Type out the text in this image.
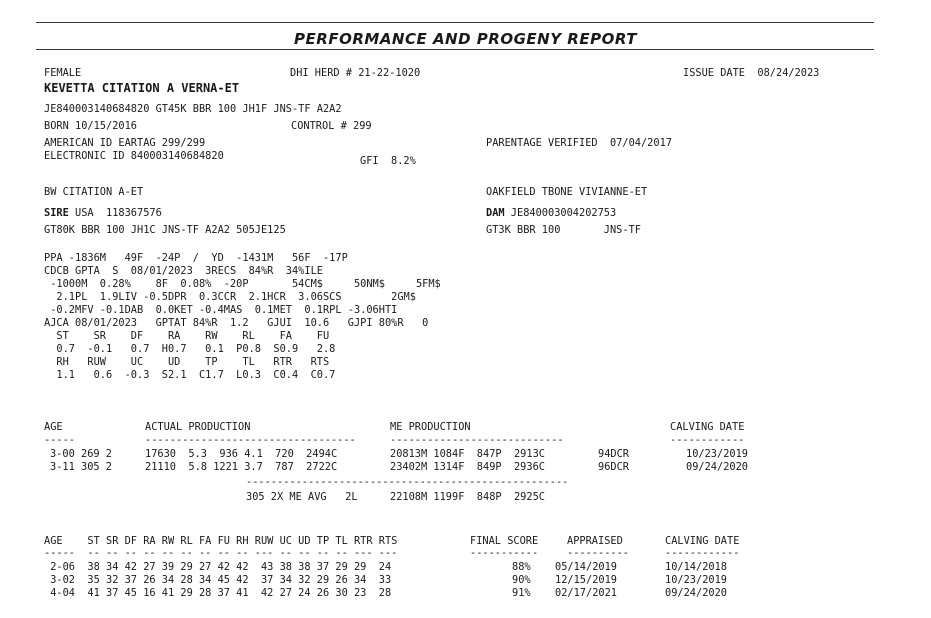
PERFORMANCE AND PROGENY REPORT
FEMALE	DHI HERD # 21-22-1020	ISSUE DATE  08/24/2023
KEVETTA CITATION A VERNA-ET
JE840003140684820 GT45K BBR 100 JH1F JNS-TF A2A2
BORN 10/15/2016	CONTROL # 299
AMERICAN ID EARTAG 299/299	PARENTAGE VERIFIED  07/04/2017
ELECTRONIC ID 840003140684820	GFI  8.2%
BW CITATION A-ET	OAKFIELD TBONE VIVIANNE-ET
SIRE USA  118367576	DAM JE840003004202753
GT80K BBR 100 JH1C JNS-TF A2A2 505JE125	GT3K BBR 100       JNS-TF
PPA -1836M   49F  -24P  /  YD  -1431M   56F  -17P
CDCB GPTA  S  08/01/2023  3RECS  84%R  34%ILE
-1000M  0.28%    8F  0.08%  -20P       54CM$     50NM$     5FM$
2.1PL  1.9LIV -0.5DPR  0.3CCR  2.1HCR  3.06SCS        2GM$
-0.2MFV -0.1DAB  0.0KET -0.4MAS  0.1MET  0.1RPL -3.06HTI
AJCA 08/01/2023   GPTAT 84%R  1.2   GJUI  10.6   GJPI 80%R   0
ST    SR    DF    RA    RW    RL    FA    FU
0.7  -0.1   0.7  H0.7   0.1  P0.8  S0.9   2.8
RH   RUW    UC    UD    TP    TL   RTR   RTS
1.1   0.6  -0.3  S2.1  C1.7  L0.3  C0.4  C0.7
AGE	ACTUAL PRODUCTION	ME PRODUCTION	CALVING DATE
-----	----------------------------------	----------------------------	------------
3-00 269 2	17630  5.3  936 4.1  720  2494C	20813M 1084F  847P  2913C	94DCR	10/23/2019
3-11 305 2	21110  5.8 1221 3.7  787  2722C	23402M 1314F  849P  2936C	96DCR	09/24/2020
----------------------------------------------------
305 2X ME AVG   2L	22108M 1199F  848P  2925C
AGE    ST SR DF RA RW RL FA FU RH RUW UC UD TP TL RTR RTS	FINAL SCORE	APPRAISED	CALVING DATE
-----  -- -- -- -- -- -- -- -- -- --- -- -- -- -- --- ---	-----------	----------	------------
2-06  38 34 42 27 39 29 27 42 42  43 38 38 37 29 29  24	88% 05/14/2019	10/14/2018
3-02  35 32 37 26 34 28 34 45 42  37 34 32 29 26 34  33	90% 12/15/2019	10/23/2019
4-04  41 37 45 16 41 29 28 37 41  42 27 24 26 30 23  28	91% 02/17/2021	09/24/2020
